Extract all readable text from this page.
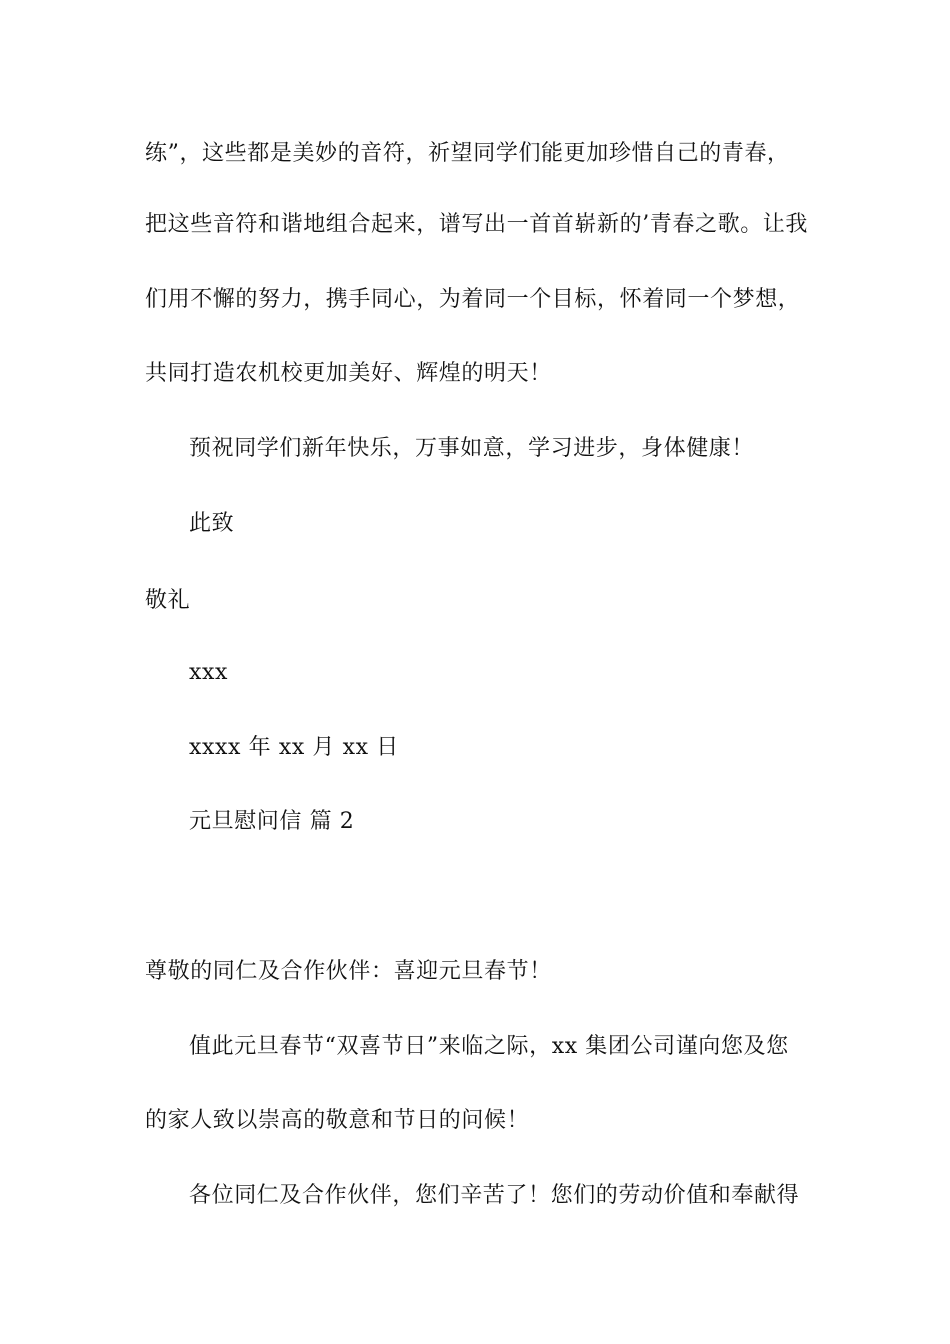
练”，这些都是美妙的音符，祈望同学们能更加珍惜自己的青春，
把这些音符和谐地组合起来，谱写出一首首崭新的’青春之歌。让我
们用不懈的努力，携手同心，为着同一个目标，怀着同一个梦想，
共同打造农机校更加美好、辉煌的明天！
预祝同学们新年快乐，万事如意，学习进步，身体健康！
此致
敬礼
xxx
xxxx 年 xx 月 xx 日
元旦慰问信 篇 2
尊敬的同仁及合作伙伴：喜迎元旦春节！
值此元旦春节“双喜节日”来临之际，xx 集团公司谨向您及您
的家人致以崇高的敬意和节日的问候！
各位同仁及合作伙伴，您们辛苦了！您们的劳动价值和奉献得
